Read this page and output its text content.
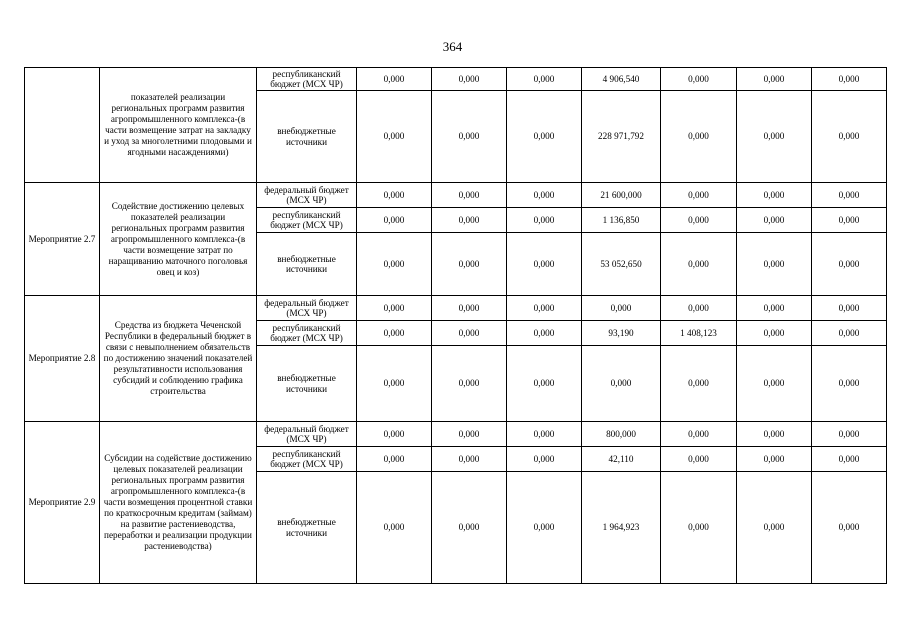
364
	показателей реализации региональных программ развития агропромышленного комплекса-(в части возмещение затрат на закладку и уход за многолетними плодовыми и ягодными насаждениями)	республиканский бюджет (МСХ ЧР)	0,000	0,000	0,000	4 906,540	0,000	0,000	0,000
		внебюджетные источники	0,000	0,000	0,000	228 971,792	0,000	0,000	0,000
Мероприятие 2.7	Содействие достижению целевых показателей реализации региональных программ развития агропромышленного комплекса-(в части возмещение затрат по наращиванию маточного поголовья овец и коз)	федеральный бюджет (МСХ ЧР)	0,000	0,000	0,000	21 600,000	0,000	0,000	0,000
		республиканский бюджет (МСХ ЧР)	0,000	0,000	0,000	1 136,850	0,000	0,000	0,000
		внебюджетные источники	0,000	0,000	0,000	53 052,650	0,000	0,000	0,000
Мероприятие 2.8	Средства из бюджета Чеченской Республики в федеральный бюджет в связи с невыполнением обязательств по достижению значений показателей результативности использования субсидий и соблюдению графика строительства	федеральный бюджет (МСХ ЧР)	0,000	0,000	0,000	0,000	0,000	0,000	0,000
		республиканский бюджет (МСХ ЧР)	0,000	0,000	0,000	93,190	1 408,123	0,000	0,000
		внебюджетные источники	0,000	0,000	0,000	0,000	0,000	0,000	0,000
Мероприятие 2.9	Субсидии на содействие достижению целевых показателей реализации региональных программ развития агропромышленного комплекса-(в части возмещения процентной ставки по краткосрочным кредитам (займам) на развитие растениеводства, переработки и реализации продукции растениеводства)	федеральный бюджет (МСХ ЧР)	0,000	0,000	0,000	800,000	0,000	0,000	0,000
		республиканский бюджет (МСХ ЧР)	0,000	0,000	0,000	42,110	0,000	0,000	0,000
		внебюджетные источники	0,000	0,000	0,000	1 964,923	0,000	0,000	0,000
